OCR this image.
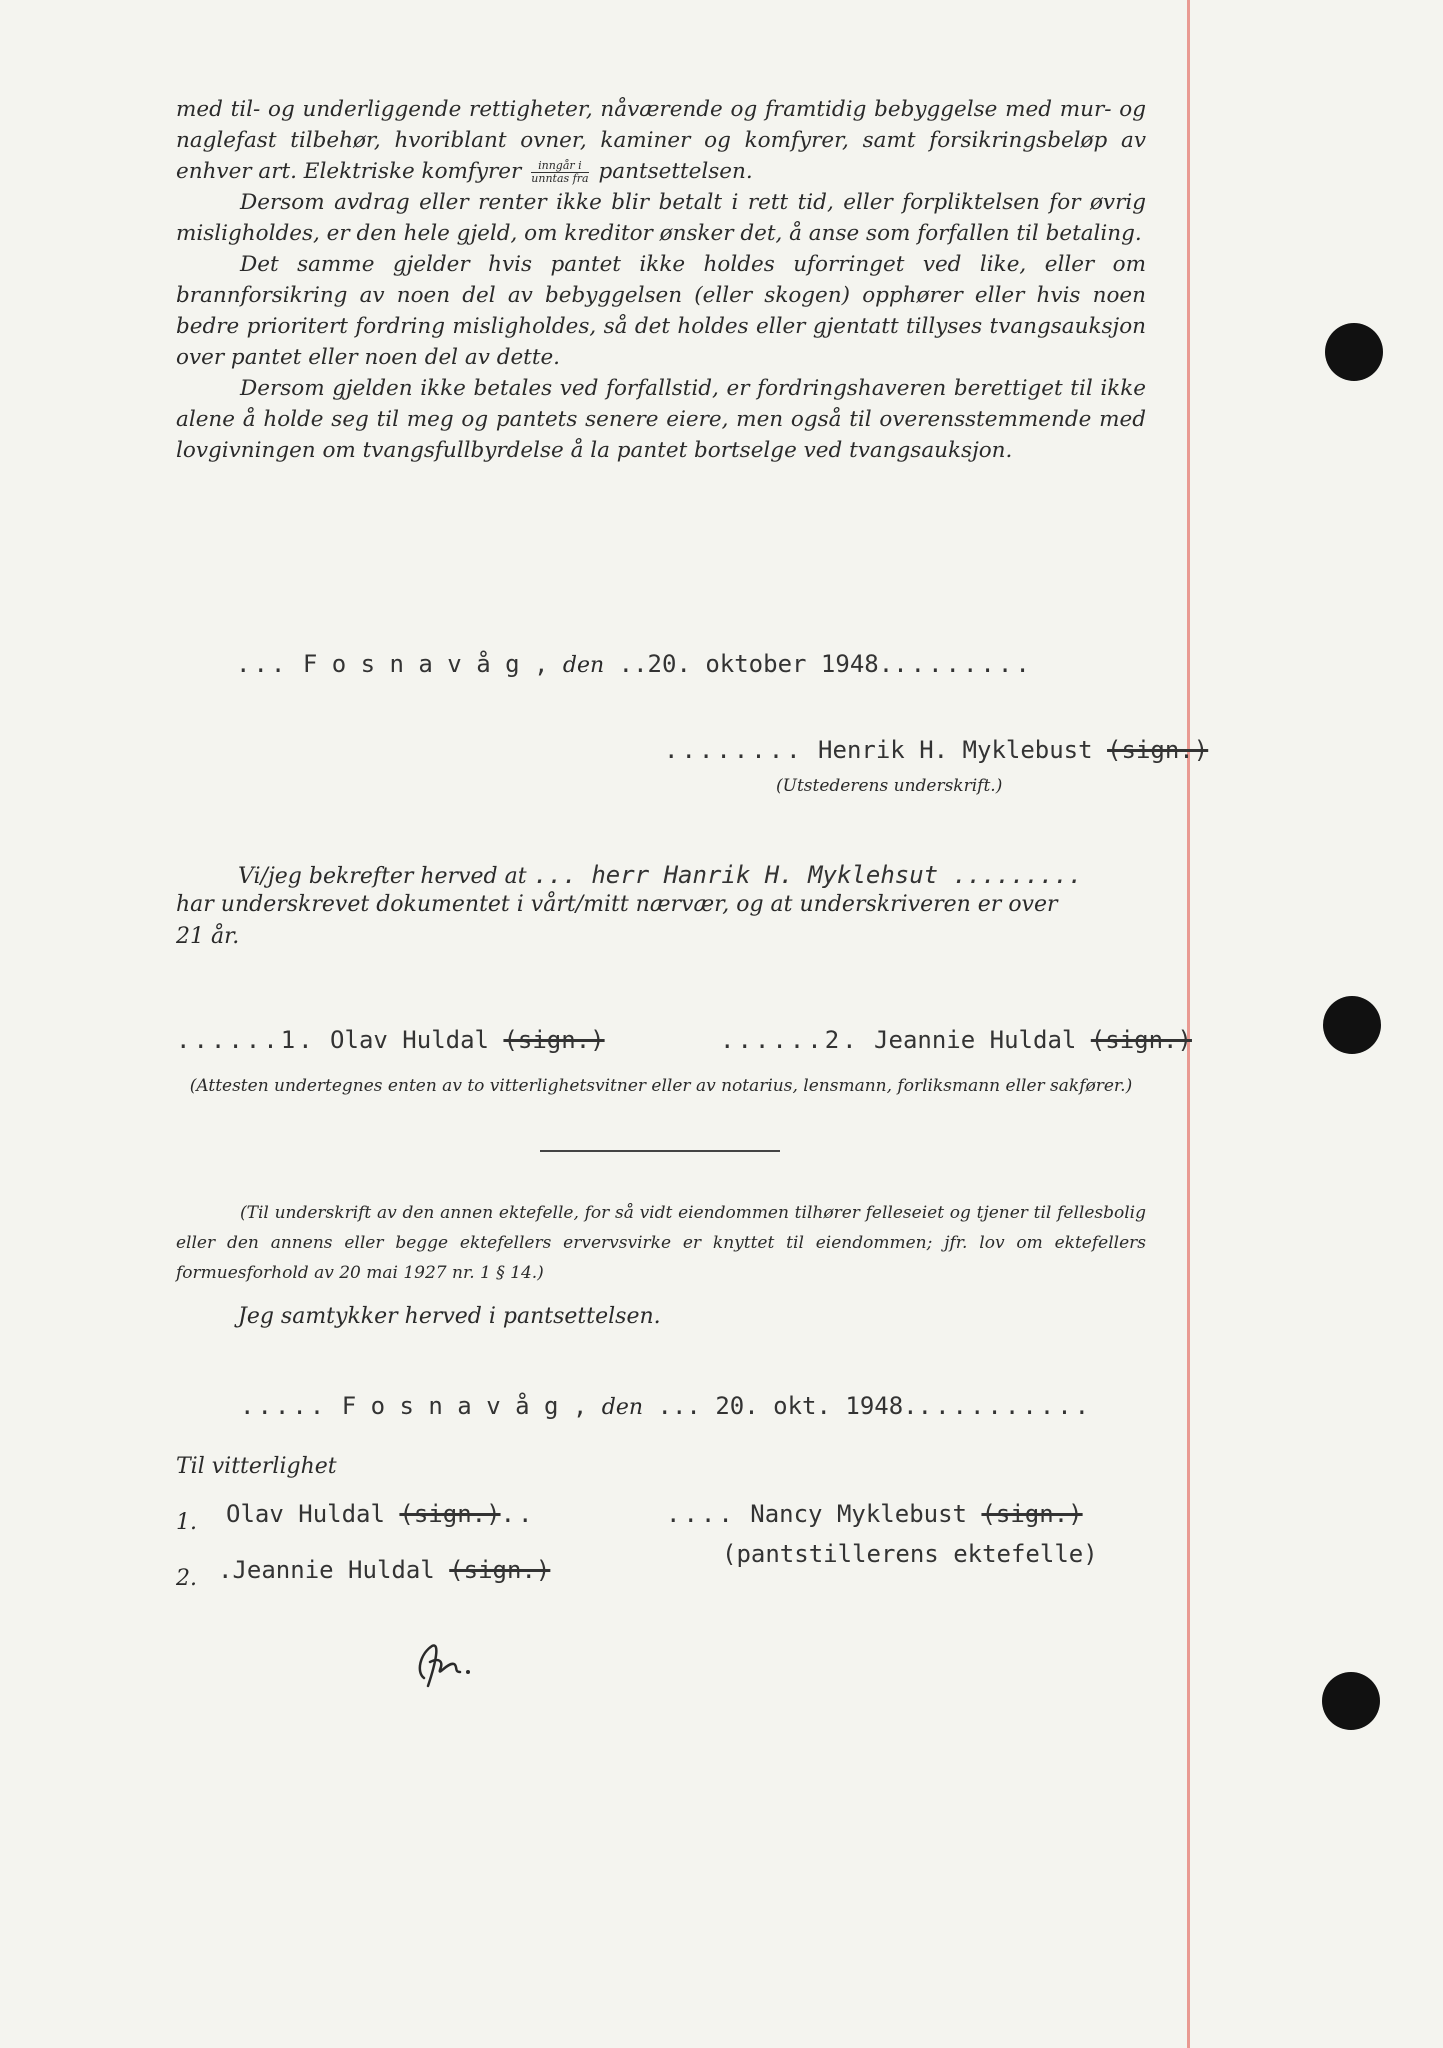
med til- og underliggende rettigheter, nåværende og framtidig bebyggelse med mur- og naglefast tilbehør, hvoriblant ovner, kaminer og komfyrer, samt forsikringsbeløp av enhver art. Elektriske komfyrer $\frac{\text{inngår i}}{\text{unntas fra}}$ pantsettelsen.

Dersom avdrag eller renter ikke blir betalt i rett tid, eller forpliktelsen for øvrig misligholdes, er den hele gjeld, om kreditor ønsker det, å anse som forfallen til betaling.

Det samme gjelder hvis pantet ikke holdes uforringet ved like, eller om brannforsikring av noen del av bebyggelsen (eller skogen) opphører eller hvis noen bedre prioritert fordring misligholdes, så det holdes eller gjentatt tillyses tvangsauksjon over pantet eller noen del av dette.

Dersom gjelden ikke betales ved forfallstid, er fordringshaveren berettiget til ikke alene å holde seg til meg og pantets senere eiere, men også til overensstemmende med lovgivningen om tvangsfullbyrdelse å la pantet bortselge ved tvangsauksjon.

... F o s n a v å g , den ..20. oktober 1948.........
........ Henrik H. Myklebust (sign.)
(Utstederens underskrift.)
Vi/jeg bekrefter herved at ... herr Hanrik H. Myklehsut .........
har underskrevet dokumentet i vårt/mitt nærvær, og at underskriveren er over
21 år.
......1. Olav Huldal (sign.)	......2. Jeannie Huldal (sign.)
(Attesten undertegnes enten av to vitterlighetsvitner eller av notarius, lensmann, forliksmann eller sakfører.)
(Til underskrift av den annen ektefelle, for så vidt eiendommen tilhører felleseiet og tjener til fellesbolig eller den annens eller begge ektefellers ervervsvirke er knyttet til eiendommen; jfr. lov om ektefellers formuesforhold av 20 mai 1927 nr. 1 § 14.)
Jeg samtykker herved i pantsettelsen.
..... F o s n a v å g , den ... 20. okt. 1948...........
Til vitterlighet
1. Olav Huldal (sign.)..
2. .Jeannie Huldal (sign.)
.... Nancy Myklebust (sign.)
(pantstillerens ektefelle)
